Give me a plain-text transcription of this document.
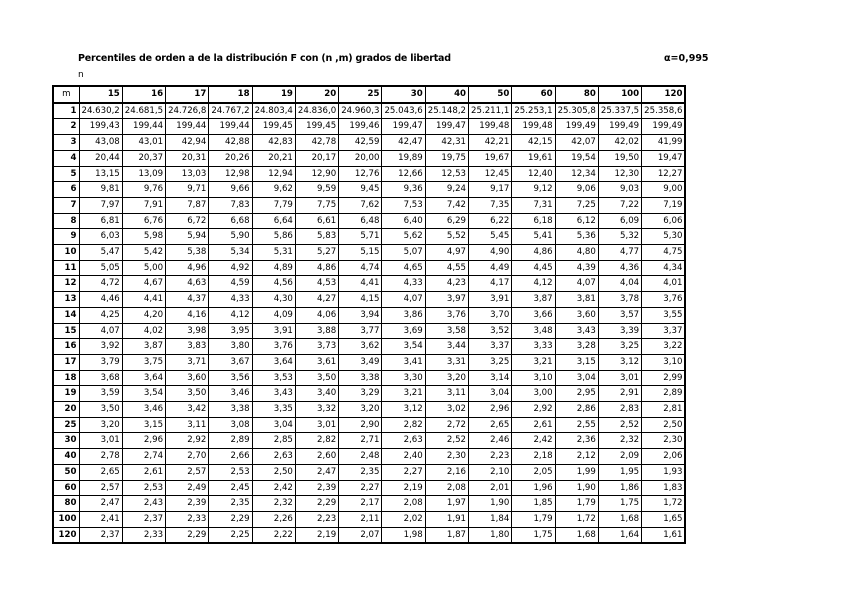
Percentiles de orden a de la distribución F con (n ,m) grados de libertad	α=0,995
n
m	15	16	17	18	19	20	25	30	40	50	60	80	100	120
1	24.630,2	24.681,5	24.726,8	24.767,2	24.803,4	24.836,0	24.960,3	25.043,6	25.148,2	25.211,1	25.253,1	25.305,8	25.337,5	25.358,6
2	199,43	199,44	199,44	199,44	199,45	199,45	199,46	199,47	199,47	199,48	199,48	199,49	199,49	199,49
3	43,08	43,01	42,94	42,88	42,83	42,78	42,59	42,47	42,31	42,21	42,15	42,07	42,02	41,99
4	20,44	20,37	20,31	20,26	20,21	20,17	20,00	19,89	19,75	19,67	19,61	19,54	19,50	19,47
5	13,15	13,09	13,03	12,98	12,94	12,90	12,76	12,66	12,53	12,45	12,40	12,34	12,30	12,27
6	9,81	9,76	9,71	9,66	9,62	9,59	9,45	9,36	9,24	9,17	9,12	9,06	9,03	9,00
7	7,97	7,91	7,87	7,83	7,79	7,75	7,62	7,53	7,42	7,35	7,31	7,25	7,22	7,19
8	6,81	6,76	6,72	6,68	6,64	6,61	6,48	6,40	6,29	6,22	6,18	6,12	6,09	6,06
9	6,03	5,98	5,94	5,90	5,86	5,83	5,71	5,62	5,52	5,45	5,41	5,36	5,32	5,30
10	5,47	5,42	5,38	5,34	5,31	5,27	5,15	5,07	4,97	4,90	4,86	4,80	4,77	4,75
11	5,05	5,00	4,96	4,92	4,89	4,86	4,74	4,65	4,55	4,49	4,45	4,39	4,36	4,34
12	4,72	4,67	4,63	4,59	4,56	4,53	4,41	4,33	4,23	4,17	4,12	4,07	4,04	4,01
13	4,46	4,41	4,37	4,33	4,30	4,27	4,15	4,07	3,97	3,91	3,87	3,81	3,78	3,76
14	4,25	4,20	4,16	4,12	4,09	4,06	3,94	3,86	3,76	3,70	3,66	3,60	3,57	3,55
15	4,07	4,02	3,98	3,95	3,91	3,88	3,77	3,69	3,58	3,52	3,48	3,43	3,39	3,37
16	3,92	3,87	3,83	3,80	3,76	3,73	3,62	3,54	3,44	3,37	3,33	3,28	3,25	3,22
17	3,79	3,75	3,71	3,67	3,64	3,61	3,49	3,41	3,31	3,25	3,21	3,15	3,12	3,10
18	3,68	3,64	3,60	3,56	3,53	3,50	3,38	3,30	3,20	3,14	3,10	3,04	3,01	2,99
19	3,59	3,54	3,50	3,46	3,43	3,40	3,29	3,21	3,11	3,04	3,00	2,95	2,91	2,89
20	3,50	3,46	3,42	3,38	3,35	3,32	3,20	3,12	3,02	2,96	2,92	2,86	2,83	2,81
25	3,20	3,15	3,11	3,08	3,04	3,01	2,90	2,82	2,72	2,65	2,61	2,55	2,52	2,50
30	3,01	2,96	2,92	2,89	2,85	2,82	2,71	2,63	2,52	2,46	2,42	2,36	2,32	2,30
40	2,78	2,74	2,70	2,66	2,63	2,60	2,48	2,40	2,30	2,23	2,18	2,12	2,09	2,06
50	2,65	2,61	2,57	2,53	2,50	2,47	2,35	2,27	2,16	2,10	2,05	1,99	1,95	1,93
60	2,57	2,53	2,49	2,45	2,42	2,39	2,27	2,19	2,08	2,01	1,96	1,90	1,86	1,83
80	2,47	2,43	2,39	2,35	2,32	2,29	2,17	2,08	1,97	1,90	1,85	1,79	1,75	1,72
100	2,41	2,37	2,33	2,29	2,26	2,23	2,11	2,02	1,91	1,84	1,79	1,72	1,68	1,65
120	2,37	2,33	2,29	2,25	2,22	2,19	2,07	1,98	1,87	1,80	1,75	1,68	1,64	1,61
